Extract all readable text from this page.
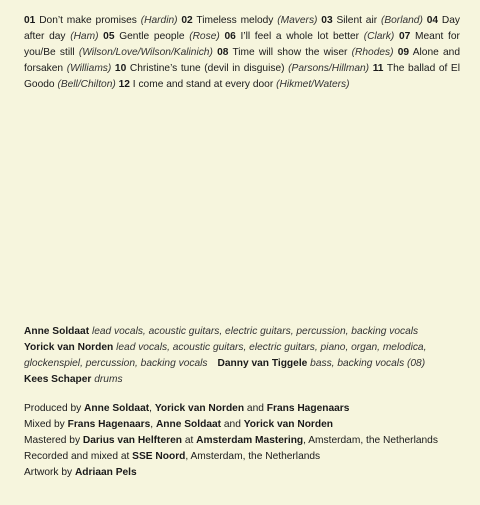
01 Don’t make promises (Hardin) 02 Timeless melody (Mavers) 03 Silent air (Borland) 04 Day after day (Ham) 05 Gentle people (Rose) 06 I’ll feel a whole lot better (Clark) 07 Meant for you/Be still (Wilson/Love/Wilson/Kalinich) 08 Time will show the wiser (Rhodes) 09 Alone and forsaken (Williams) 10 Christine’s tune (devil in disguise) (Parsons/Hillman) 11 The ballad of El Goodo (Bell/Chilton) 12 I come and stand at every door (Hikmet/Waters)
Anne Soldaat lead vocals, acoustic guitars, electric guitars, percussion, backing vocals
Yorick van Norden lead vocals, acoustic guitars, electric guitars, piano, organ, melodica, glockenspiel, percussion, backing vocals Danny van Tiggele bass, backing vocals (08)
Kees Schaper drums
Produced by Anne Soldaat, Yorick van Norden and Frans Hagenaars
Mixed by Frans Hagenaars, Anne Soldaat and Yorick van Norden
Mastered by Darius van Helfteren at Amsterdam Mastering, Amsterdam, the Netherlands
Recorded and mixed at SSE Noord, Amsterdam, the Netherlands
Artwork by Adriaan Pels
